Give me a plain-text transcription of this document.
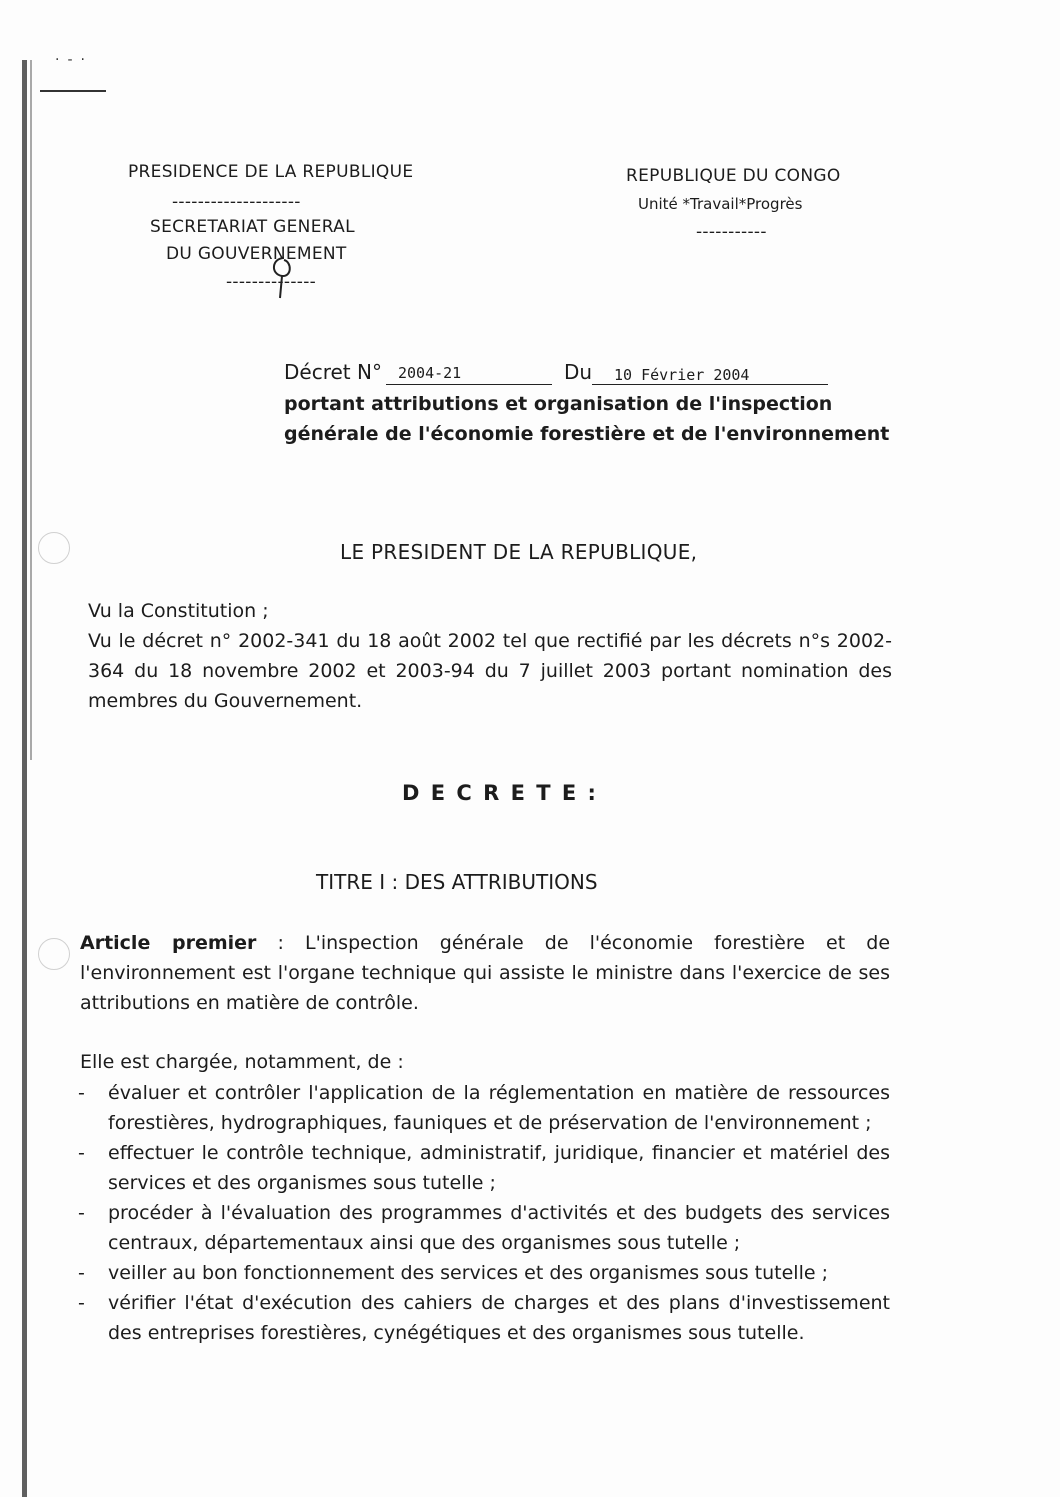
·-·
PRESIDENCE DE LA REPUBLIQUE
--------------------
SECRETARIAT GENERAL
DU GOUVERNEMENT
--------------
REPUBLIQUE DU CONGO
Unité *Travail*Progrès
-----------
Décret N° 2004-21	Du 10 Février 2004
portant attributions et organisation de l'inspection
générale de l'économie forestière et de l'environnement
LE PRESIDENT DE LA REPUBLIQUE,
Vu la Constitution ;
Vu le décret n° 2002-341 du 18 août 2002 tel que rectifié par les décrets n°s 2002-364 du 18 novembre 2002 et 2003-94 du 7 juillet 2003 portant nomination des membres du Gouvernement.
D E C R E T E :
TITRE I : DES ATTRIBUTIONS
Article premier : L'inspection générale de l'économie forestière et de l'environnement est l'organe technique qui assiste le ministre dans l'exercice de ses attributions en matière de contrôle.
Elle est chargée, notamment, de :
- évaluer et contrôler l'application de la réglementation en matière de ressources forestières, hydrographiques, fauniques et de préservation de l'environnement ;
- effectuer le contrôle technique, administratif, juridique, financier et matériel des services et des organismes sous tutelle ;
- procéder à l'évaluation des programmes d'activités et des budgets des services centraux, départementaux ainsi que des organismes sous tutelle ;
- veiller au bon fonctionnement des services et des organismes sous tutelle ;
- vérifier l'état d'exécution des cahiers de charges et des plans d'investissement des entreprises forestières, cynégétiques et des organismes sous tutelle.
